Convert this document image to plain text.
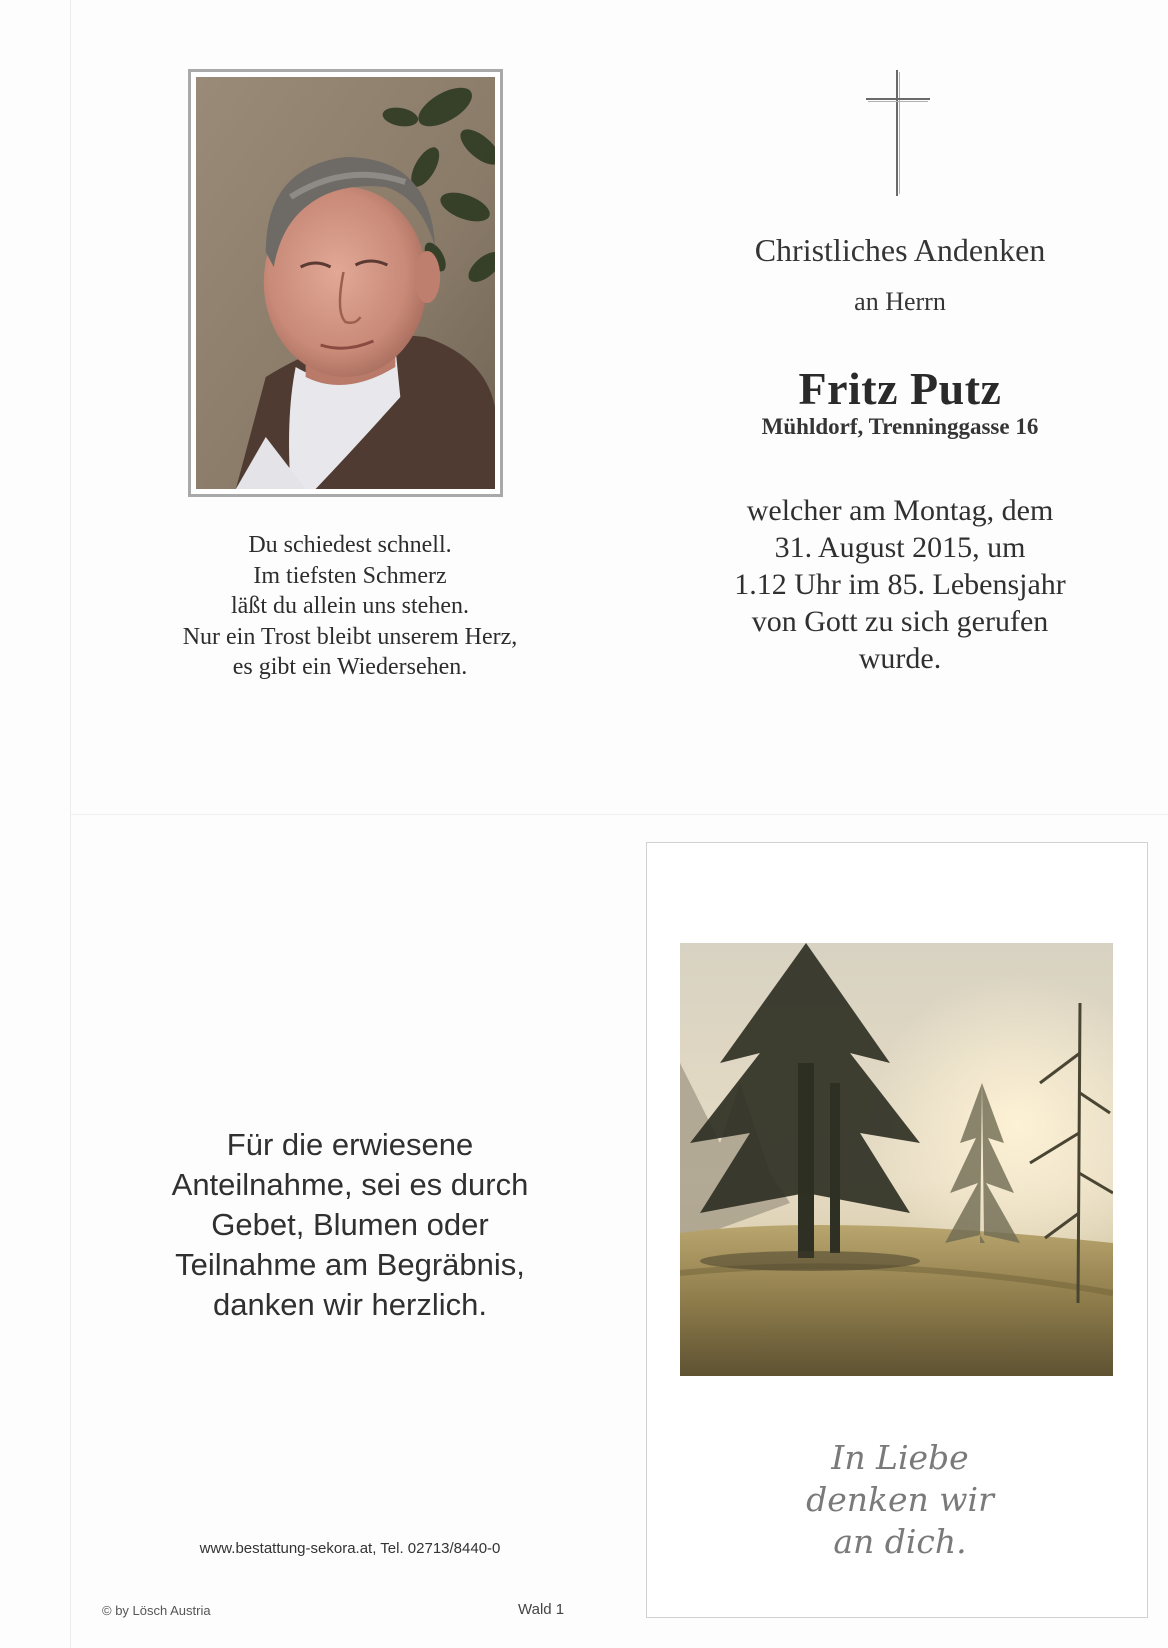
Du schiedest schnell.
Im tiefsten Schmerz
läßt du allein uns stehen.
Nur ein Trost bleibt unserem Herz,
es gibt ein Wiedersehen.
Christliches Andenken
an Herrn
Fritz Putz
Mühldorf, Trenninggasse 16
welcher am Montag, dem
31. August 2015, um
1.12 Uhr im 85. Lebensjahr
von Gott zu sich gerufen
wurde.
Für die erwiesene
Anteilnahme, sei es durch
Gebet, Blumen oder
Teilnahme am Begräbnis,
danken wir herzlich.
www.bestattung-sekora.at, Tel. 02713/8440-0
© by Lösch Austria	Wald 1
In Liebe
denken wir
an dich.
